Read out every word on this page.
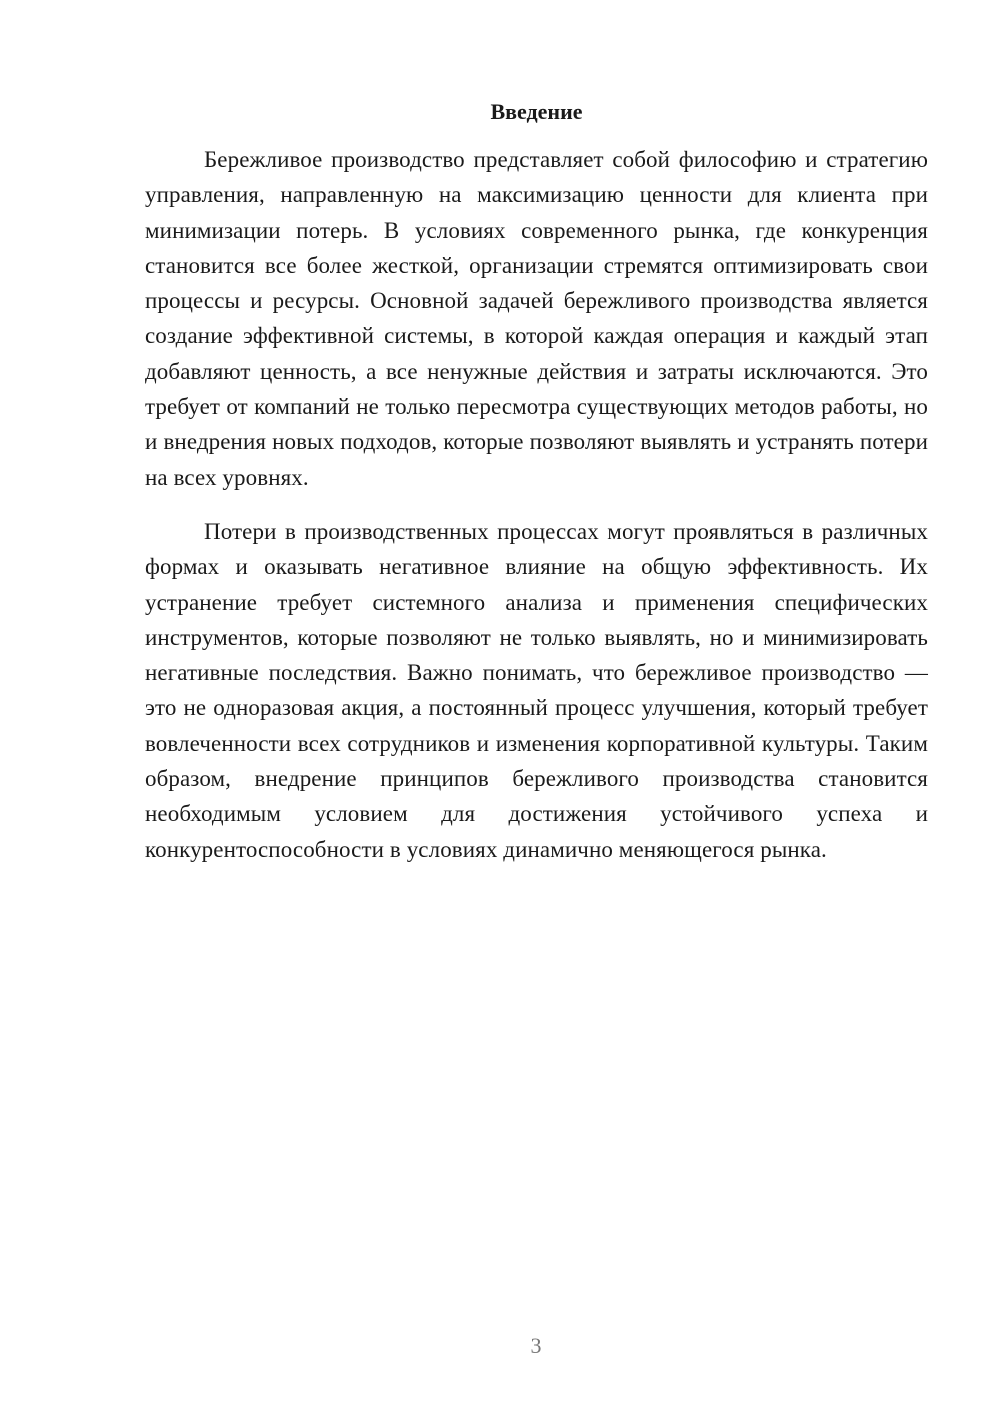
Введение

Бережливое производство представляет собой философию и стратегию управления, направленную на максимизацию ценности для клиента при минимизации потерь. В условиях современного рынка, где конкуренция становится все более жесткой, организации стремятся оптимизировать свои процессы и ресурсы. Основной задачей бережливого производства является создание эффективной системы, в которой каждая операция и каждый этап добавляют ценность, а все ненужные действия и затраты исключаются. Это требует от компаний не только пересмотра существующих методов работы, но и внедрения новых подходов, которые позволяют выявлять и устранять потери на всех уровнях.

Потери в производственных процессах могут проявляться в различных формах и оказывать негативное влияние на общую эффективность. Их устранение требует системного анализа и применения специфических инструментов, которые позволяют не только выявлять, но и минимизировать негативные последствия. Важно понимать, что бережливое производство — это не одноразовая акция, а постоянный процесс улучшения, который требует вовлеченности всех сотрудников и изменения корпоративной культуры. Таким образом, внедрение принципов бережливого производства становится необходимым условием для достижения устойчивого успеха и конкурентоспособности в условиях динамично меняющегося рынка.

3
